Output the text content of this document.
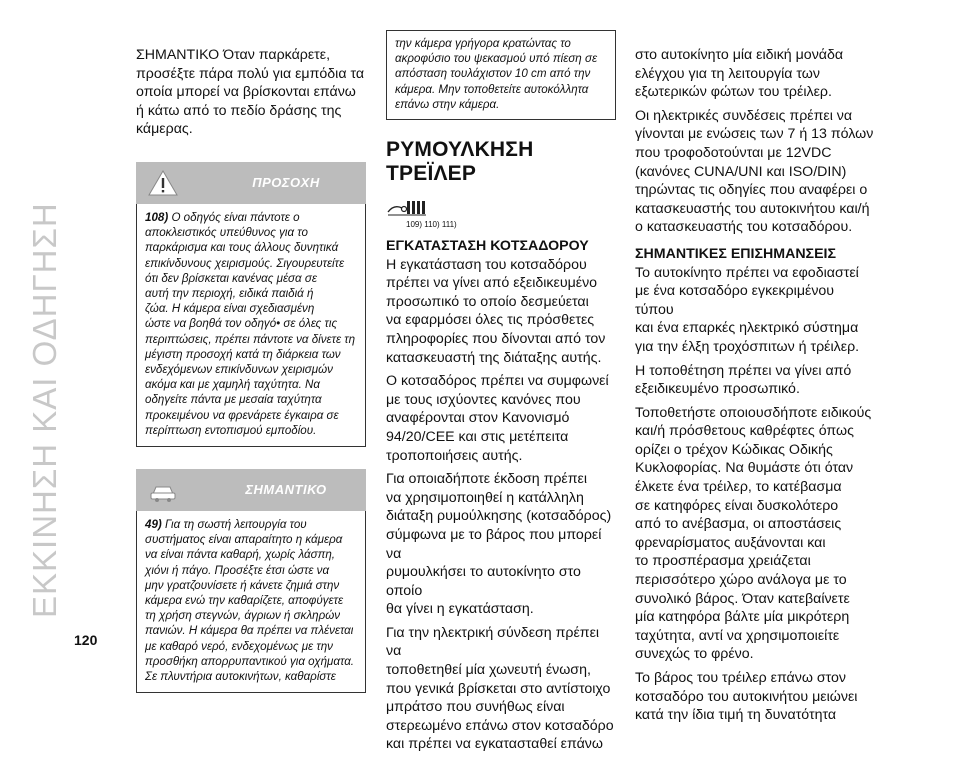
ΕΚΚΙΝΗΣΗ ΚΑΙ ΟΔΗΓΗΣΗ

ΣΗΜΑΝΤΙΚΟ Όταν παρκάρετε,
προσέξτε πάρα πολύ για εμπόδια τα
οποία μπορεί να βρίσκονται επάνω
ή κάτω από το πεδίο δράσης της
κάμερας.

ΠΡΟΣΟΧΗ
108) Ο οδηγός είναι πάντοτε ο
αποκλειστικός υπεύθυνος για το
παρκάρισμα και τους άλλους δυνητικά
επικίνδυνους χειρισμούς. Σιγουρευτείτε
ότι δεν βρίσκεται κανένας μέσα σε
αυτή την περιοχή, ειδικά παιδιά ή
ζώα. Η κάμερα είναι σχεδιασμένη
ώστε να βοηθά τον οδηγό• σε όλες τις
περιπτώσεις, πρέπει πάντοτε να δίνετε τη
μέγιστη προσοχή κατά τη διάρκεια των
ενδεχόμενων επικίνδυνων χειρισμών
ακόμα και με χαμηλή ταχύτητα. Να
οδηγείτε πάντα με μεσαία ταχύτητα
προκειμένου να φρενάρετε έγκαιρα σε
περίπτωση εντοπισμού εμποδίου.
ΣΗΜΑΝΤΙΚΟ
49) Για τη σωστή λειτουργία του
συστήματος είναι απαραίτητο η κάμερα
να είναι πάντα καθαρή, χωρίς λάσπη,
χιόνι ή πάγο. Προσέξτε έτσι ώστε να
μην γρατζουνίσετε ή κάνετε ζημιά στην
κάμερα ενώ την καθαρίζετε, αποφύγετε
τη χρήση στεγνών, άγριων ή σκληρών
πανιών. Η κάμερα θα πρέπει να πλένεται
με καθαρό νερό, ενδεχομένως με την
προσθήκη απορρυπαντικού για οχήματα.
Σε πλυντήρια αυτοκινήτων, καθαρίστε
την κάμερα γρήγορα κρατώντας το
ακροφύσιο του ψεκασμού υπό πίεση σε
απόσταση τουλάχιστον 10 cm από την
κάμερα. Μην τοποθετείτε αυτοκόλλητα
επάνω στην κάμερα.
ΡΥΜΟΥΛΚΗΣΗ ΤΡΕΪΛΕΡ
109) 110) 111)
ΕΓΚΑΤΑΣΤΑΣΗ ΚΟΤΣΑΔΟΡΟΥ

Η εγκατάσταση του κοτσαδόρου
πρέπει να γίνει από εξειδικευμένο
προσωπικό το οποίο δεσμεύεται
να εφαρμόσει όλες τις πρόσθετες
πληροφορίες που δίνονται από τον
κατασκευαστή της διάταξης αυτής.

Ο κοτσαδόρος πρέπει να συμφωνεί
με τους ισχύοντες κανόνες που
αναφέρονται στον Κανονισμό
94/20/CEE και στις μετέπειτα
τροποποιήσεις αυτής.

Για οποιαδήποτε έκδοση πρέπει
να χρησιμοποιηθεί η κατάλληλη
διάταξη ρυμούλκησης (κοτσαδόρος)
σύμφωνα με το βάρος που μπορεί να
ρυμουλκήσει το αυτοκίνητο στο οποίο
θα γίνει η εγκατάσταση.

Για την ηλεκτρική σύνδεση πρέπει να
τοποθετηθεί μία χωνευτή ένωση,
που γενικά βρίσκεται στο αντίστοιχο
μπράτσο που συνήθως είναι
στερεωμένο επάνω στον κοτσαδόρο
και πρέπει να εγκατασταθεί επάνω

στο αυτοκίνητο μία ειδική μονάδα
ελέγχου για τη λειτουργία των
εξωτερικών φώτων του τρέιλερ.

Οι ηλεκτρικές συνδέσεις πρέπει να
γίνονται με ενώσεις των 7 ή 13 πόλων
που τροφοδοτούνται με 12VDC
(κανόνες CUNA/UNI και ISO/DIN)
τηρώντας τις οδηγίες που αναφέρει ο
κατασκευαστής του αυτοκινήτου και/ή
ο κατασκευαστής του κοτσαδόρου.

ΣΗΜΑΝΤΙΚΕΣ ΕΠΙΣΗΜΑΝΣΕΙΣ

Το αυτοκίνητο πρέπει να εφοδιαστεί
με ένα κοτσαδόρο εγκεκριμένου τύπου
και ένα επαρκές ηλεκτρικό σύστημα
για την έλξη τροχόσπιτων ή τρέιλερ.

Η τοποθέτηση πρέπει να γίνει από
εξειδικευμένο προσωπικό.

Τοποθετήστε οποιουσδήποτε ειδικούς
και/ή πρόσθετους καθρέφτες όπως
ορίζει ο τρέχον Κώδικας Οδικής
Κυκλοφορίας. Να θυμάστε ότι όταν
έλκετε ένα τρέιλερ, το κατέβασμα
σε κατηφόρες είναι δυσκολότερο
από το ανέβασμα, οι αποστάσεις
φρεναρίσματος αυξάνονται και
το προσπέρασμα χρειάζεται
περισσότερο χώρο ανάλογα με το
συνολικό βάρος. Όταν κατεβαίνετε
μία κατηφόρα βάλτε μία μικρότερη
ταχύτητα, αντί να χρησιμοποιείτε
συνεχώς το φρένο.

Το βάρος του τρέιλερ επάνω στον
κοτσαδόρο του αυτοκινήτου μειώνει
κατά την ίδια τιμή τη δυνατότητα

120
